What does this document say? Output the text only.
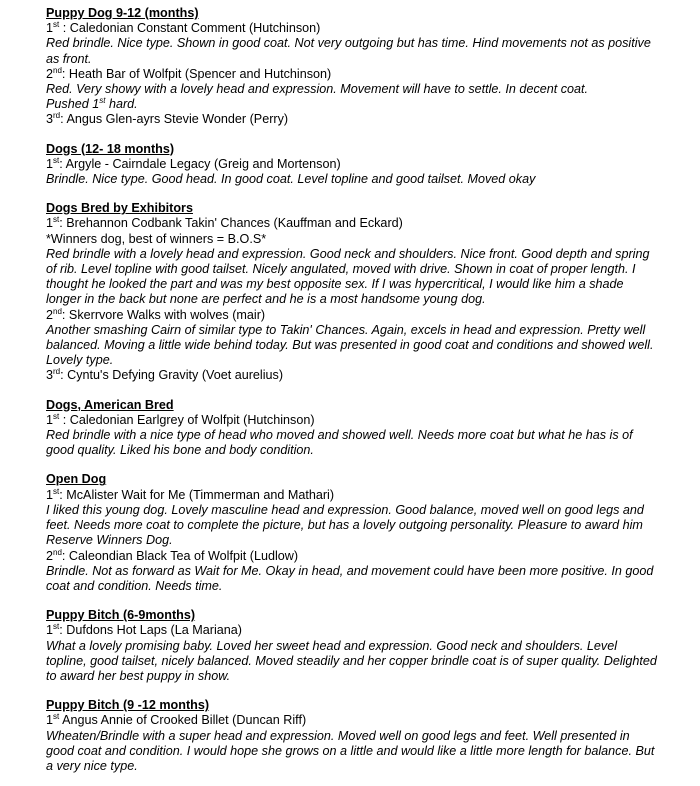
Puppy Dog 9-12 (months)
1st : Caledonian Constant Comment (Hutchinson)
Red brindle. Nice type. Shown in good coat. Not very outgoing but has time. Hind movements not as positive as front.
2nd: Heath Bar of Wolfpit (Spencer and Hutchinson)
Red. Very showy with a lovely head and expression. Movement will have to settle. In decent coat.
Pushed 1st hard.
3rd: Angus Glen-ayrs Stevie Wonder (Perry)
Dogs (12- 18 months)
1st: Argyle - Cairndale Legacy (Greig and Mortenson)
Brindle. Nice type. Good head. In good coat. Level topline and good tailset. Moved okay
Dogs Bred by Exhibitors
1st: Brehannon Codbank Takin' Chances (Kauffman and Eckard)
*Winners dog, best of winners = B.O.S*
Red brindle with a lovely head and expression. Good neck and shoulders. Nice front. Good depth and spring of rib. Level topline with good tailset. Nicely angulated, moved with drive. Shown in coat of proper length. I thought he looked the part and was my best opposite sex. If I was hypercritical, I would like him a shade longer in the back but none are perfect and he is a most handsome young dog.
2nd: Skerrvore Walks with wolves (mair)
Another smashing Cairn of similar type to Takin' Chances. Again, excels in head and expression. Pretty well balanced. Moving a little wide behind today. But was presented in good coat and conditions and showed well. Lovely type.
3rd: Cyntu's Defying Gravity (Voet aurelius)
Dogs, American Bred
1st : Caledonian Earlgrey of Wolfpit (Hutchinson)
Red brindle with a nice type of head who moved and showed well. Needs more coat but what he has is of good quality. Liked his bone and body condition.
Open Dog
1st: McAlister Wait for Me (Timmerman and Mathari)
I liked this young dog. Lovely masculine head and expression. Good balance, moved well on good legs and feet. Needs more coat to complete the picture, but has a lovely outgoing personality. Pleasure to award him Reserve Winners Dog.
2nd: Caleondian Black Tea of Wolfpit (Ludlow)
Brindle. Not as forward as Wait for Me. Okay in head, and movement could have been more positive. In good coat and condition. Needs time.
Puppy Bitch (6-9months)
1st: Dufdons Hot Laps (La Mariana)
What a lovely promising baby. Loved her sweet head and expression. Good neck and shoulders. Level topline, good tailset, nicely balanced. Moved steadily and her copper brindle coat is of super quality. Delighted to award her best puppy in show.
Puppy Bitch (9 -12 months)
1st Angus Annie of Crooked Billet (Duncan Riff)
Wheaten/Brindle with a super head and expression. Moved well on good legs and feet. Well presented in good coat and condition. I would hope she grows on a little and would like a little more length for balance. But a very nice type.
